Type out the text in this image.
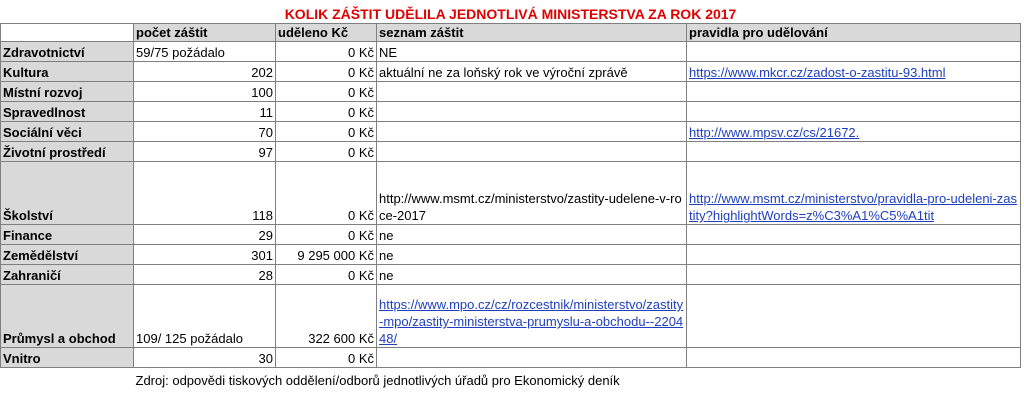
KOLIK ZÁŠTIT UDĚLILA JEDNOTLIVÁ MINISTERSTVA ZA ROK 2017				
	počet záštit	uděleno Kč	seznam záštit	pravidla pro udělování
Zdravotnictví	59/75 požádalo	0 Kč	NE	
Kultura	202	0 Kč	aktuální ne za loňský rok ve výroční zprávě	https://www.mkcr.cz/zadost-o-zastitu-93.html
Místní rozvoj	100	0 Kč		
Spravedlnost	11	0 Kč		
Sociální věci	70	0 Kč		http://www.mpsv.cz/cs/21672.
Životní prostředí	97	0 Kč		
Školství	118	0 Kč	http://www.msmt.cz/ministerstvo/zastity-udelene-v-roce-2017	http://www.msmt.cz/ministerstvo/pravidla-pro-udeleni-zastity?highlightWords=z%C3%A1%C5%A1tit
Finance	29	0 Kč	ne	
Zemědělství	301	9 295 000 Kč	ne	
Zahraničí	28	0 Kč	ne	
Průmysl a obchod	109/ 125 požádalo	322 600 Kč	https://www.mpo.cz/cz/rozcestnik/ministerstvo/zastity-mpo/zastity-ministerstva-prumyslu-a-obchodu--220448/	
Vnitro	30	0 Kč		
	Zdroj: odpovědi tiskových oddělení/odborů jednotlivých úřadů pro Ekonomický deník			
